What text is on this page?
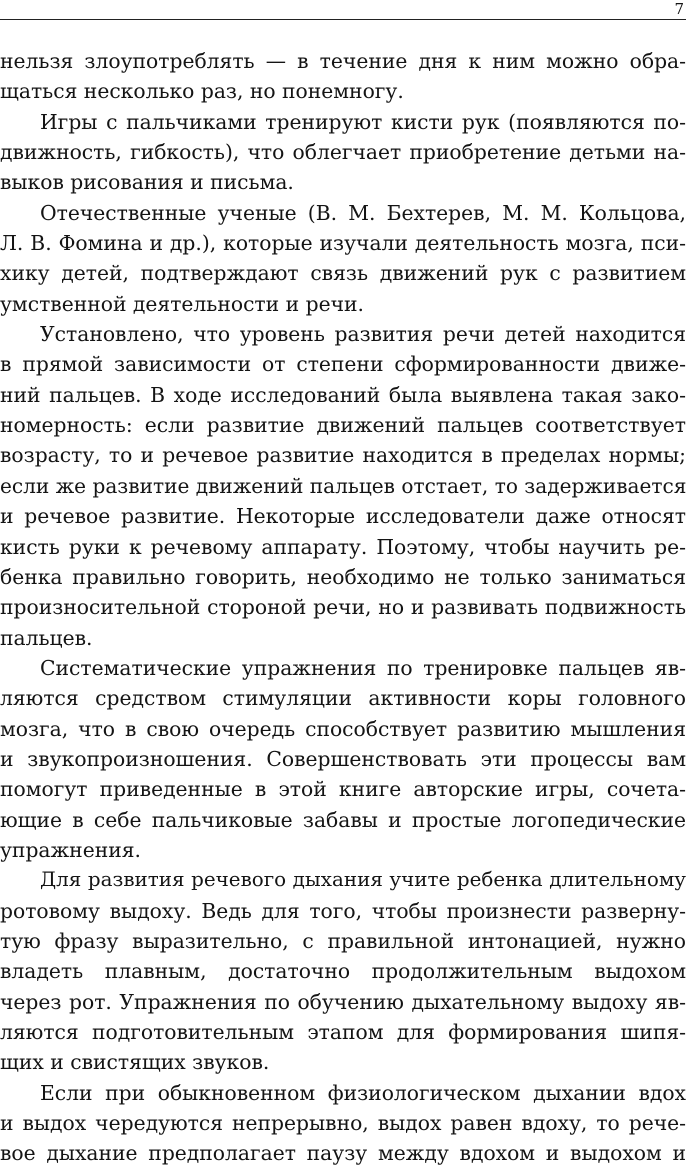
7
нельзя злоупотреблять — в течение дня к ним можно обра-
щаться несколько раз, но понемногу.
Игры с пальчиками тренируют кисти рук (появляются по-
движность, гибкость), что облегчает приобретение детьми на-
выков рисования и письма.
Отечественные ученые (В. М. Бехтерев, М. М. Кольцова,
Л. В. Фомина и др.), которые изучали деятельность мозга, пси-
хику детей, подтверждают связь движений рук с развитием
умственной деятельности и речи.
Установлено, что уровень развития речи детей находится
в прямой зависимости от степени сформированности движе-
ний пальцев. В ходе исследований была выявлена такая зако-
номерность: если развитие движений пальцев соответствует
возрасту, то и речевое развитие находится в пределах нормы;
если же развитие движений пальцев отстает, то задерживается
и речевое развитие. Некоторые исследователи даже относят
кисть руки к речевому аппарату. Поэтому, чтобы научить ре-
бенка правильно говорить, необходимо не только заниматься
произносительной стороной речи, но и развивать подвижность
пальцев.
Систематические упражнения по тренировке пальцев яв-
ляются средством стимуляции активности коры головного
мозга, что в свою очередь способствует развитию мышления
и звукопроизношения. Совершенствовать эти процессы вам
помогут приведенные в этой книге авторские игры, сочета-
ющие в себе пальчиковые забавы и простые логопедические
упражнения.
Для развития речевого дыхания учите ребенка длительному
ротовому выдоху. Ведь для того, чтобы произнести разверну-
тую фразу выразительно, с правильной интонацией, нужно
владеть плавным, достаточно продолжительным выдохом
через рот. Упражнения по обучению дыхательному выдоху яв-
ляются подготовительным этапом для формирования шипя-
щих и свистящих звуков.
Если при обыкновенном физиологическом дыхании вдох
и выдох чередуются непрерывно, выдох равен вдоху, то рече-
вое дыхание предполагает паузу между вдохом и выдохом и
